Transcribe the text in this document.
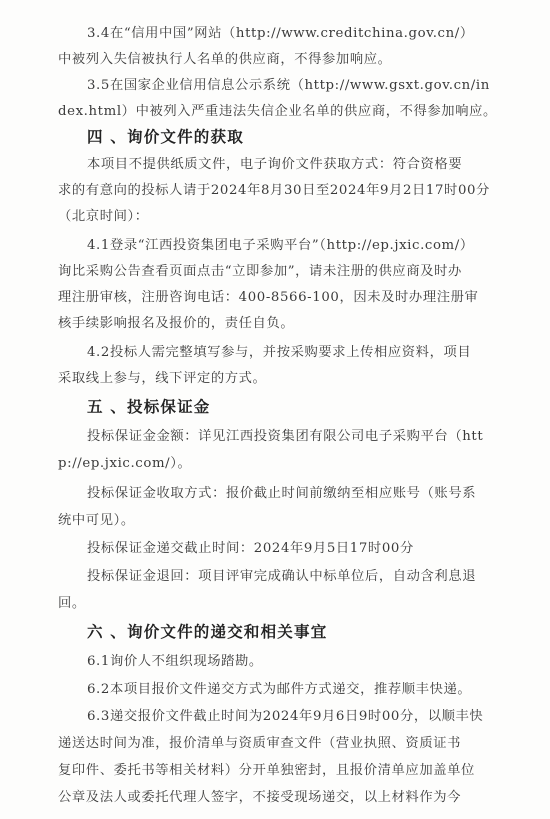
3.4在“信用中国”网站（http://www.creditchina.gov.cn/）
中被列入失信被执行人名单的供应商，不得参加响应。
3.5在国家企业信用信息公示系统（http://www.gsxt.gov.cn/in
dex.html）中被列入严重违法失信企业名单的供应商，不得参加响应。
四 、询价文件的获取
本项目不提供纸质文件，电子询价文件获取方式：符合资格要
求的有意向的投标人请于2024年8月30日至2024年9月2日17时00分
（北京时间）：
4.1登录“江西投资集团电子采购平台”（http://ep.jxic.com/）
询比采购公告查看页面点击“立即参加”，请未注册的供应商及时办
理注册审核，注册咨询电话：400-8566-100，因未及时办理注册审
核手续影响报名及报价的，责任自负。
4.2投标人需完整填写参与，并按采购要求上传相应资料，项目
采取线上参与，线下评定的方式。
五 、投标保证金
投标保证金金额：详见江西投资集团有限公司电子采购平台（htt
p://ep.jxic.com/）。
投标保证金收取方式：报价截止时间前缴纳至相应账号（账号系
统中可见）。
投标保证金递交截止时间：2024年9月5日17时00分
投标保证金退回：项目评审完成确认中标单位后，自动含利息退
回。
六 、询价文件的递交和相关事宜
6.1询价人不组织现场踏勘。
6.2本项目报价文件递交方式为邮件方式递交，推荐顺丰快递。
6.3递交报价文件截止时间为2024年9月6日9时00分，以顺丰快
递送达时间为准，报价清单与资质审查文件（营业执照、资质证书
复印件、委托书等相关材料）分开单独密封，且报价清单应加盖单位
公章及法人或委托代理人签字，不接受现场递交，以上材料作为今
